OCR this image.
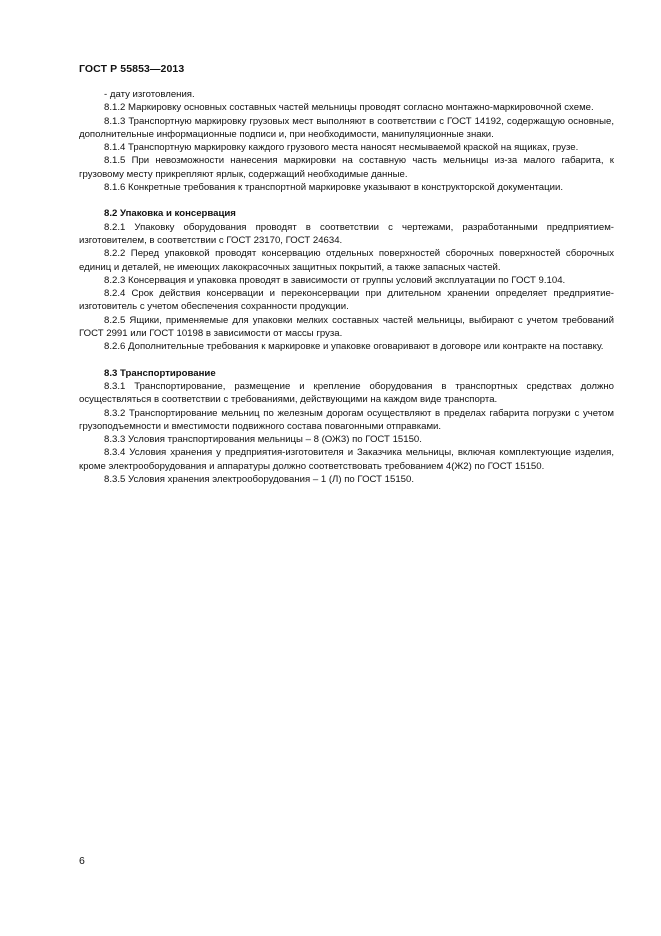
ГОСТ Р 55853—2013

- дату изготовления.

8.1.2 Маркировку основных составных частей мельницы проводят согласно монтажно-маркировочной схеме.

8.1.3 Транспортную маркировку грузовых мест выполняют в соответствии с ГОСТ 14192, содержащую основные, дополнительные информационные подписи и, при необходимости, манипуляционные знаки.

8.1.4 Транспортную маркировку каждого грузового места наносят несмываемой краской на ящиках, грузе.

8.1.5 При невозможности нанесения маркировки на составную часть мельницы из-за малого габарита, к грузовому месту прикрепляют ярлык, содержащий необходимые данные.

8.1.6 Конкретные требования к транспортной маркировке указывают в конструкторской документации.

8.2 Упаковка и консервация

8.2.1 Упаковку оборудования проводят в соответствии с чертежами, разработанными предприятием-изготовителем, в соответствии с ГОСТ 23170, ГОСТ 24634.

8.2.2 Перед упаковкой проводят консервацию отдельных поверхностей сборочных поверхностей сборочных единиц и деталей, не имеющих лакокрасочных защитных покрытий, а также запасных частей.

8.2.3 Консервация и упаковка проводят в зависимости от группы условий эксплуатации по ГОСТ 9.104.

8.2.4 Срок действия консервации и переконсервации при длительном хранении определяет предприятие-изготовитель с учетом обеспечения сохранности продукции.

8.2.5 Ящики, применяемые для упаковки мелких составных частей мельницы, выбирают с учетом требований ГОСТ 2991 или ГОСТ 10198 в зависимости от массы груза.

8.2.6 Дополнительные требования к маркировке и упаковке оговаривают в договоре или контракте на поставку.

8.3 Транспортирование

8.3.1 Транспортирование, размещение и крепление оборудования в транспортных средствах должно осуществляться в соответствии с требованиями, действующими на каждом виде транспорта.

8.3.2 Транспортирование мельниц по железным дорогам осуществляют в пределах габарита погрузки с учетом грузоподъемности и вместимости подвижного состава повагонными отправками.

8.3.3 Условия транспортирования мельницы – 8 (ОЖ3) по ГОСТ 15150.

8.3.4 Условия хранения у предприятия-изготовителя и Заказчика мельницы, включая комплектующие изделия, кроме электрооборудования и аппаратуры должно соответствовать требованием 4(Ж2) по ГОСТ 15150.

8.3.5 Условия хранения электрооборудования – 1 (Л) по ГОСТ 15150.

6
